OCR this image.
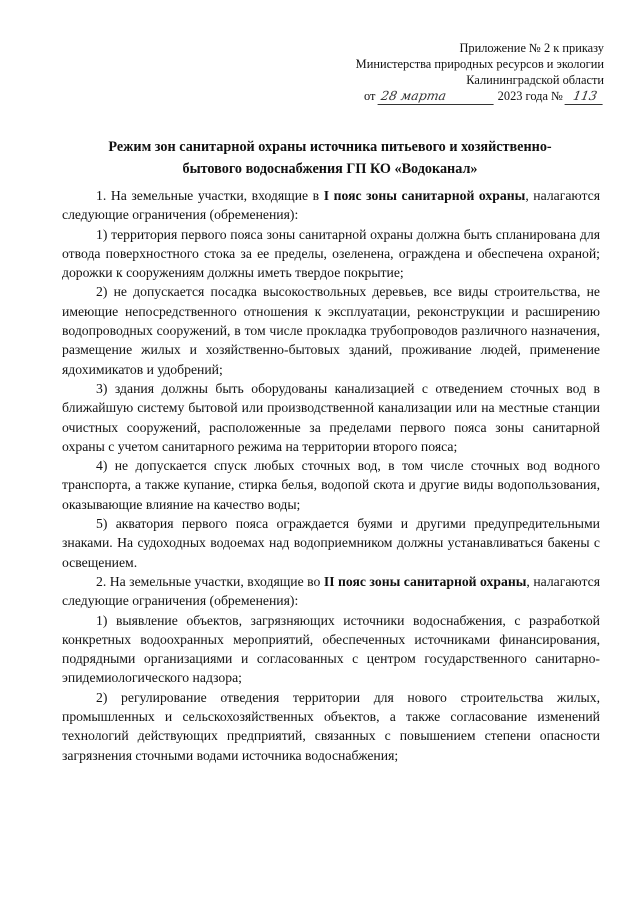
Приложение № 2 к приказу
Министерства природных ресурсов и экологии
Калининградской области
от 28 марта	2023 года № 113
Режим зон санитарной охраны источника питьевого и хозяйственно-
бытового водоснабжения ГП КО «Водоканал»

1. На земельные участки, входящие в I пояс зоны санитарной охраны, налагаются следующие ограничения (обременения):

1) территория первого пояса зоны санитарной охраны должна быть спланирована для отвода поверхностного стока за ее пределы, озеленена, ограждена и обеспечена охраной; дорожки к сооружениям должны иметь твердое покрытие;

2) не допускается посадка высокоствольных деревьев, все виды строительства, не имеющие непосредственного отношения к эксплуатации, реконструкции и расширению водопроводных сооружений, в том числе прокладка трубопроводов различного назначения, размещение жилых и хозяйственно-бытовых зданий, проживание людей, применение ядохимикатов и удобрений;

3) здания должны быть оборудованы канализацией с отведением сточных вод в ближайшую систему бытовой или производственной канализации или на местные станции очистных сооружений, расположенные за пределами первого пояса зоны санитарной охраны с учетом санитарного режима на территории второго пояса;

4) не допускается спуск любых сточных вод, в том числе сточных вод водного транспорта, а также купание, стирка белья, водопой скота и другие виды водопользования, оказывающие влияние на качество воды;

5) акватория первого пояса ограждается буями и другими предупредительными знаками. На судоходных водоемах над водоприемником должны устанавливаться бакены с освещением.

2. На земельные участки, входящие во II пояс зоны санитарной охраны, налагаются следующие ограничения (обременения):

1) выявление объектов, загрязняющих источники водоснабжения, с разработкой конкретных водоохранных мероприятий, обеспеченных источниками финансирования, подрядными организациями и согласованных с центром государственного санитарно-эпидемиологического надзора;

2) регулирование отведения территории для нового строительства жилых, промышленных и сельскохозяйственных объектов, а также согласование изменений технологий действующих предприятий, связанных с повышением степени опасности загрязнения сточными водами источника водоснабжения;
